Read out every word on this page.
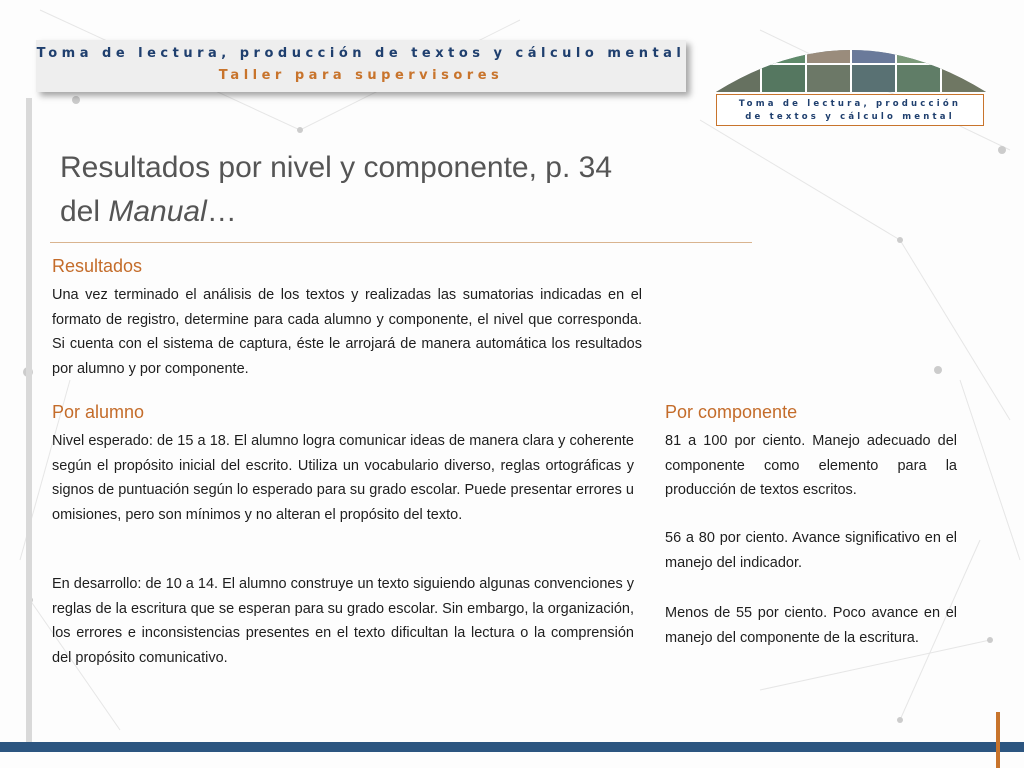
Toma de lectura, producción de textos y cálculo mental
Taller para supervisores
Toma de lectura, producción
de textos y cálculo mental
Resultados por nivel y componente, p. 34
del Manual…
Resultados
Una vez terminado el análisis de los textos y realizadas las sumatorias indicadas en el formato de registro, determine para cada alumno y componente, el nivel que corresponda. Si cuenta con el sistema de captura, éste le arrojará de manera automática los resultados por alumno y por componente.
Por alumno
Nivel esperado: de 15 a 18. El alumno logra comunicar ideas de manera clara y coherente según el propósito inicial del escrito. Utiliza un vocabulario diverso, reglas ortográficas y signos de puntuación según lo esperado para su grado escolar. Puede presentar errores u omisiones, pero son mínimos y no alteran el propósito del texto.
En desarrollo: de 10 a 14. El alumno construye un texto siguiendo algunas convenciones y reglas de la escritura que se esperan para su grado escolar. Sin embargo, la organización, los errores e inconsistencias presentes en el texto dificultan la lectura o la comprensión del propósito comunicativo.
Por componente
81 a 100 por ciento. Manejo adecuado del componente como elemento para la producción de textos escritos.
56 a 80 por ciento. Avance significativo en el manejo del indicador.
Menos de 55 por ciento. Poco avance en el manejo del componente de la escritura.
